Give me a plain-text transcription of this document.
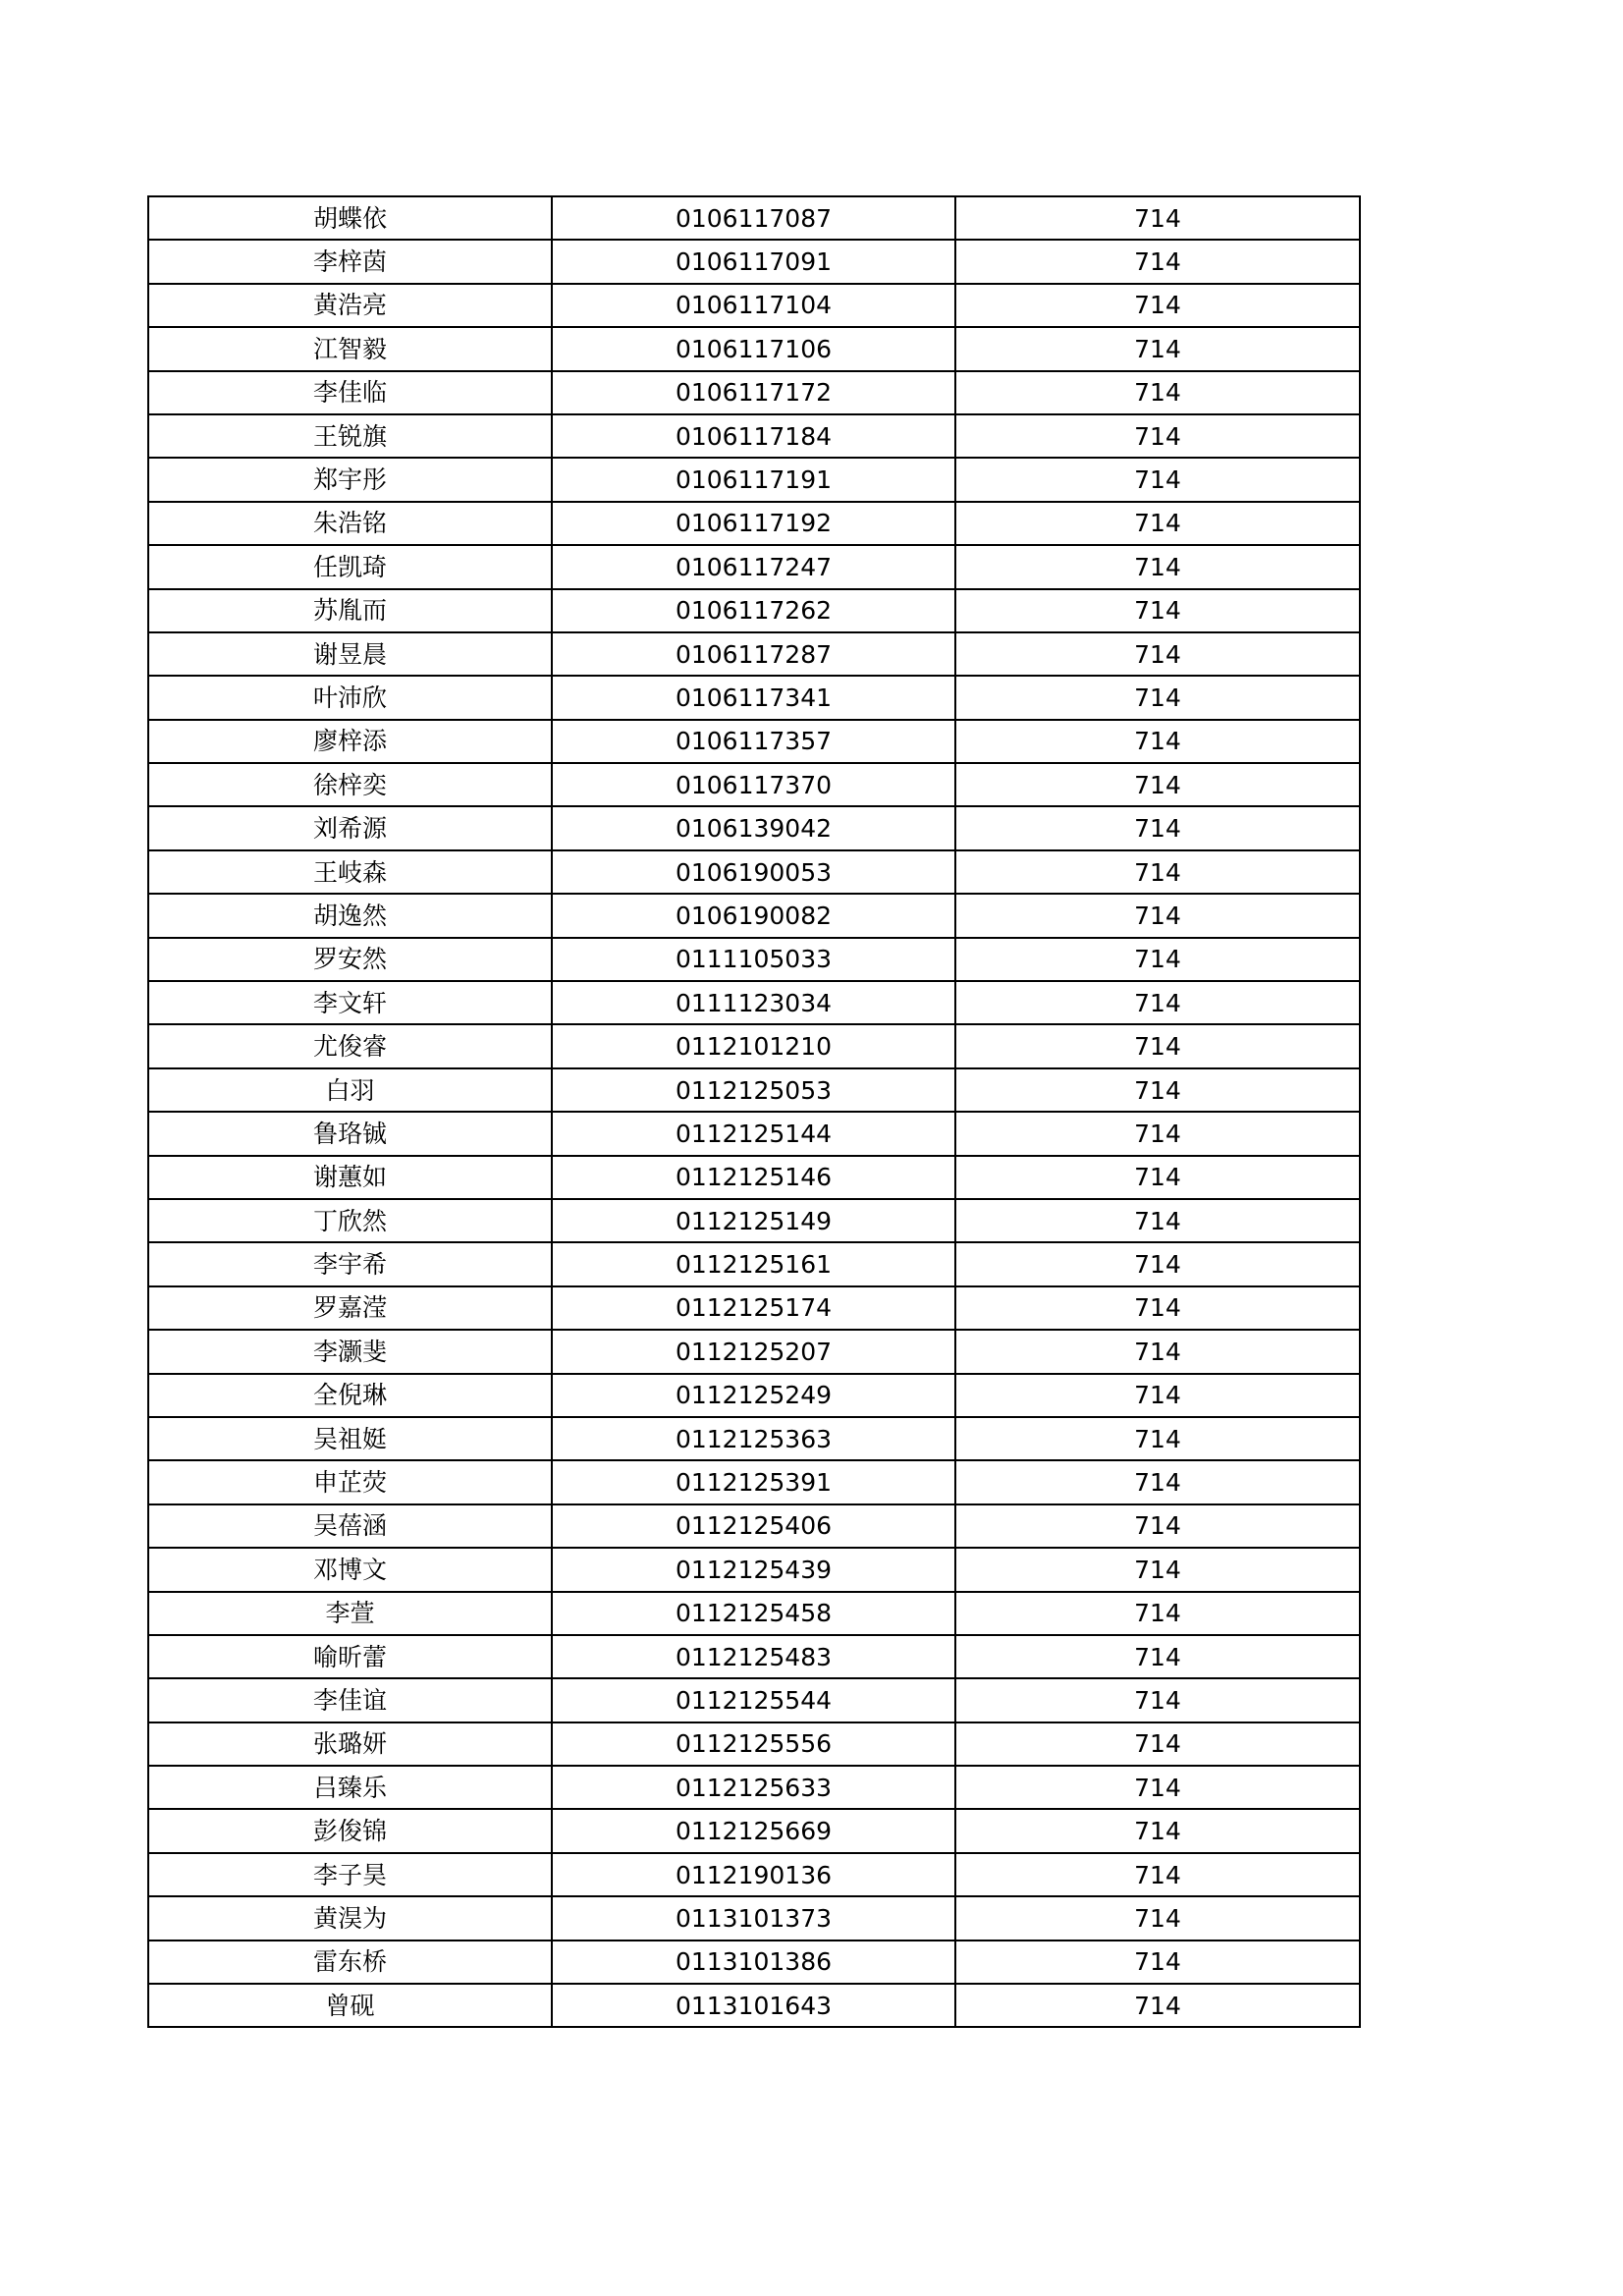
胡蝶依	0106117087	714
李梓茵	0106117091	714
黄浩亮	0106117104	714
江智毅	0106117106	714
李佳临	0106117172	714
王锐旗	0106117184	714
郑宇彤	0106117191	714
朱浩铭	0106117192	714
任凯琦	0106117247	714
苏胤而	0106117262	714
谢昱晨	0106117287	714
叶沛欣	0106117341	714
廖梓添	0106117357	714
徐梓奕	0106117370	714
刘希源	0106139042	714
王岐森	0106190053	714
胡逸然	0106190082	714
罗安然	0111105033	714
李文轩	0111123034	714
尤俊睿	0112101210	714
白羽	0112125053	714
鲁珞铖	0112125144	714
谢蕙如	0112125146	714
丁欣然	0112125149	714
李宇希	0112125161	714
罗嘉滢	0112125174	714
李灏斐	0112125207	714
全倪琳	0112125249	714
吴祖娗	0112125363	714
申芷荧	0112125391	714
吴蓓涵	0112125406	714
邓博文	0112125439	714
李萱	0112125458	714
喻昕蕾	0112125483	714
李佳谊	0112125544	714
张璐妍	0112125556	714
吕臻乐	0112125633	714
彭俊锦	0112125669	714
李子昊	0112190136	714
黄淏为	0113101373	714
雷东桥	0113101386	714
曾砚	0113101643	714
